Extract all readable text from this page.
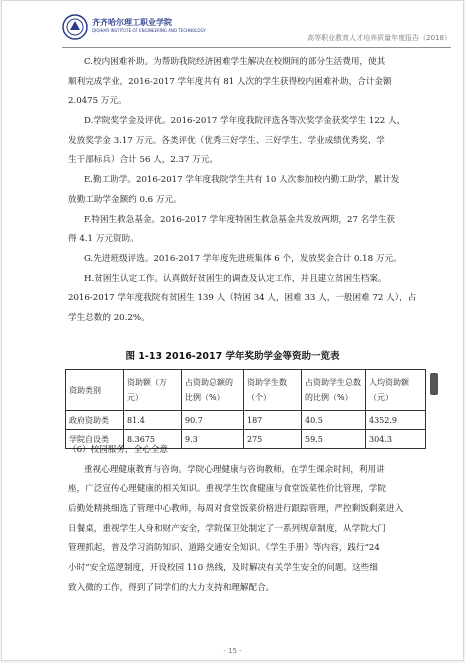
齐齐哈尔理工职业学院
QIQIHAR INSTITUTE OF ENGINEERING AND TECHNOLOGY
高等职业教育人才培养质量年度报告（2018）
C.校内困难补助。为帮助我院经济困难学生解决在校期间的部分生活费用，使其
顺利完成学业，2016-2017 学年度共有 81 人次的学生获得校内困难补助，合计金额
2.0475 万元。
D.学院奖学金及评优。2016-2017 学年度我院评选各等次奖学金获奖学生 122 人，
发放奖学金 3.17 万元。各类评优（优秀三好学生、三好学生、学业成绩优秀奖、学
生干部标兵）合计 56 人，2.37 万元。
E.勤工助学。2016-2017 学年度我院学生共有 10 人次参加校内勤工助学，累计发
放勤工助学金额约 0.6 万元。
F.特困生救急基金。2016-2017 学年度特困生救急基金共发放两期，27 名学生获
得 4.1 万元资助。
G.先进班级评选。2016-2017 学年度先进班集体 6 个，发放奖金合计 0.18 万元。
H.贫困生认定工作。认真做好贫困生的调查及认定工作，并且建立贫困生档案。
2016-2017 学年度我院有贫困生 139 人（特困 34 人，困难 33 人，一般困难 72 人），占
学生总数的 20.2%。
图 1-13 2016-2017 学年奖助学金等资助一览表
资助类别	资助额（万元）	占资助总额的比例（%）	资助学生数（个）	占资助学生总数的比例（%）	人均资助额（元）
政府资助类	81.4	90.7	187	40.5	4352.9
学院自设类	8.3675	9.3	275	59.5	304.3
（6）校园服务，全心全意
重视心理健康教育与咨询。学院心理健康与咨询教师，在学生课余时间，利用讲
座，广泛宣传心理健康的相关知识。重视学生饮食健康与食堂饭菜性价比管理，学院
后勤处精挑细选了管理中心教师，每周对食堂饭菜价格进行跟踪管理，严控剩饭剩菜进入
日餐桌，重视学生人身和财产安全，学院保卫处制定了一系列规章制度，从学院大门
管理抓起，普及学习消防知识、道路交通安全知识、《学生手册》等内容，践行“24
小时”安全巡逻制度，开设校园 110 热线，及时解决有关学生安全的问题。这些细
致入微的工作，得到了同学们的大力支持和理解配合。
- 15 -
